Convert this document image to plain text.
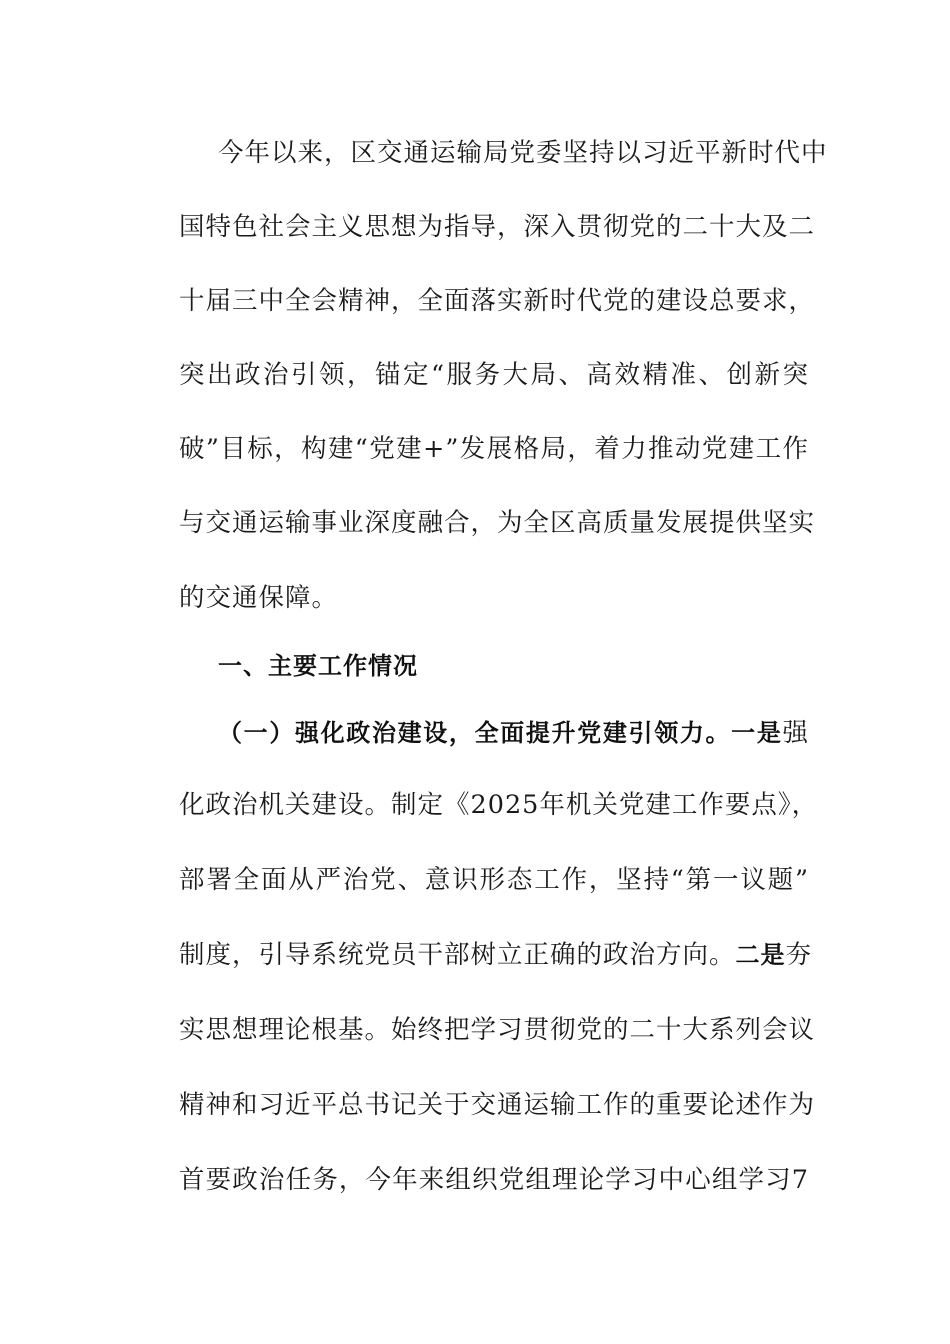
今年以来，区交通运输局党委坚持以习近平新时代中
国特色社会主义思想为指导，深入贯彻党的二十大及二
十届三中全会精神，全面落实新时代党的建设总要求，
突出政治引领，锚定“服务大局、高效精准、创新突
破”目标，构建“党建+”发展格局，着力推动党建工作
与交通运输事业深度融合，为全区高质量发展提供坚实
的交通保障。
一、主要工作情况
（一）强化政治建设，全面提升党建引领力。一是强
化政治机关建设。制定《2025年机关党建工作要点》，
部署全面从严治党、意识形态工作，坚持“第一议题”
制度，引导系统党员干部树立正确的政治方向。二是夯
实思想理论根基。始终把学习贯彻党的二十大系列会议
精神和习近平总书记关于交通运输工作的重要论述作为
首要政治任务，今年来组织党组理论学习中心组学习7
